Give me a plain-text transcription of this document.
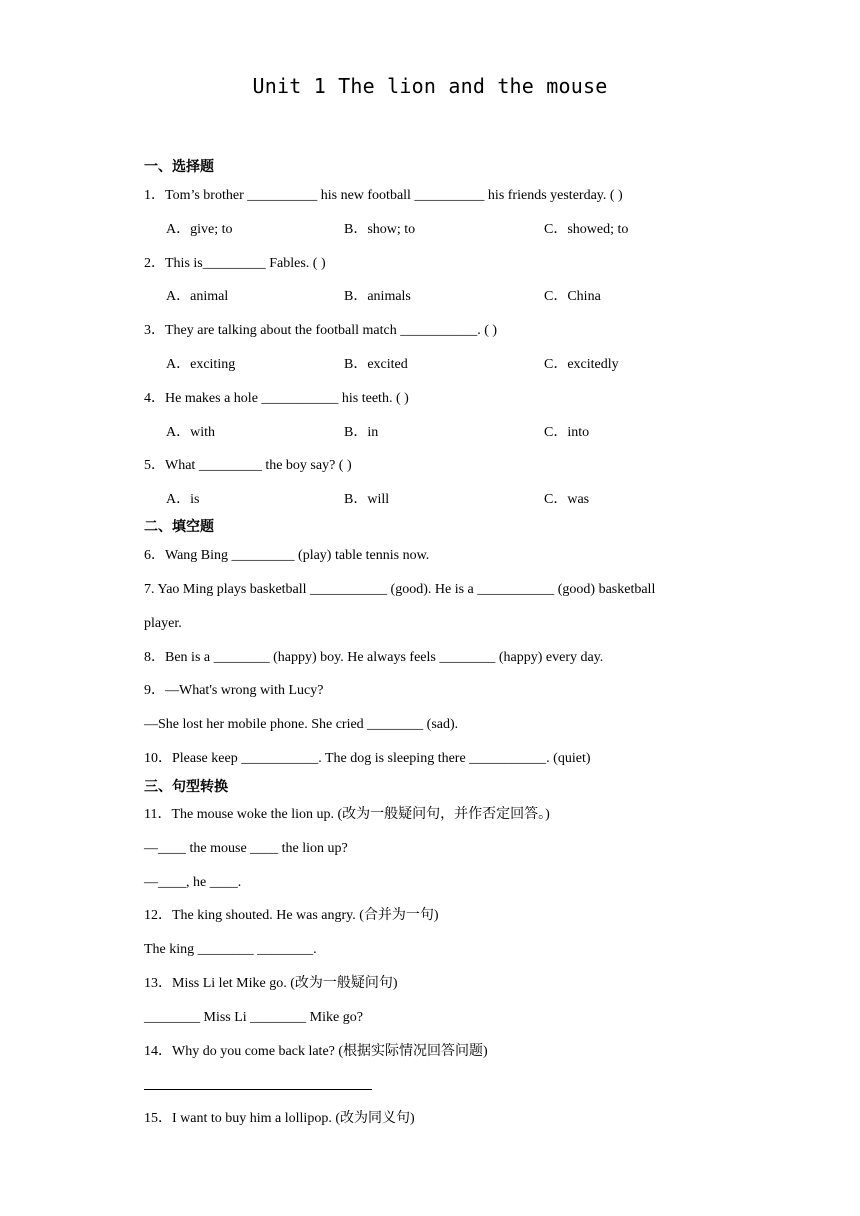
Unit 1 The lion and the mouse
一、选择题
1．Tom’s brother __________ his new football __________ his friends yesterday. ( )
A．give; to	B．show; to	C．showed; to
2．This is_________ Fables. ( )
A．animal	B．animals	C．China
3．They are talking about the football match ___________. ( )
A．exciting	B．excited	C．excitedly
4．He makes a hole ___________ his teeth. ( )
A．with	B．in	C．into
5．What _________ the boy say? ( )
A．is	B．will	C．was
二、填空题
6．Wang Bing _________ (play) table tennis now.
7. Yao Ming plays basketball ___________ (good). He is a ___________ (good) basketball
player.
8．Ben is a ________ (happy) boy. He always feels ________ (happy) every day.
9．—What's wrong with Lucy?
—She lost her mobile phone. She cried ________ (sad).
10．Please keep ___________. The dog is sleeping there ___________. (quiet)
三、句型转换
11．The mouse woke the lion up. (改为一般疑问句，并作否定回答。)
—____ the mouse ____ the lion up?
—____, he ____.
12．The king shouted. He was angry. (合并为一句)
The king ________ ________.
13．Miss Li let Mike go. (改为一般疑问句)
________ Miss Li ________ Mike go?
14．Why do you come back late? (根据实际情况回答问题)
15．I want to buy him a lollipop. (改为同义句)
